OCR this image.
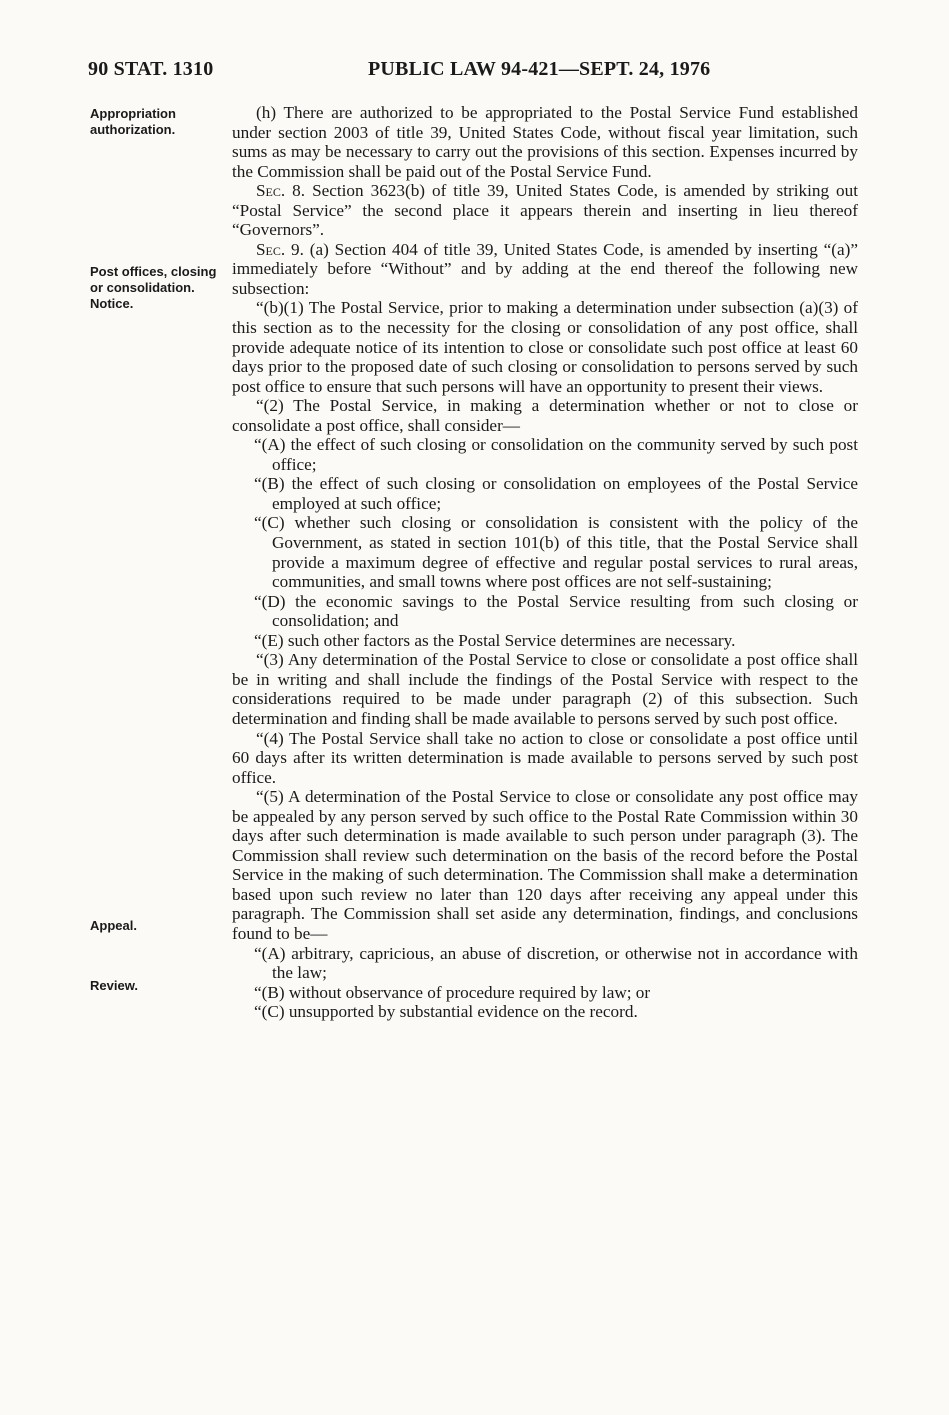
90 STAT. 1310	PUBLIC LAW 94-421—SEPT. 24, 1976
Appropriation authorization.
Post offices, closing or consolidation. Notice.
Appeal.
Review.

(h) There are authorized to be appropriated to the Postal Service Fund established under section 2003 of title 39, United States Code, without fiscal year limitation, such sums as may be necessary to carry out the provisions of this section. Expenses incurred by the Commission shall be paid out of the Postal Service Fund.

Sec. 8. Section 3623(b) of title 39, United States Code, is amended by striking out “Postal Service” the second place it appears therein and inserting in lieu thereof “Governors”.

Sec. 9. (a) Section 404 of title 39, United States Code, is amended by inserting “(a)” immediately before “Without” and by adding at the end thereof the following new subsection:

“(b)(1) The Postal Service, prior to making a determination under subsection (a)(3) of this section as to the necessity for the closing or consolidation of any post office, shall provide adequate notice of its intention to close or consolidate such post office at least 60 days prior to the proposed date of such closing or consolidation to persons served by such post office to ensure that such persons will have an opportunity to present their views.

“(2) The Postal Service, in making a determination whether or not to close or consolidate a post office, shall consider—

“(A) the effect of such closing or consolidation on the community served by such post office;

“(B) the effect of such closing or consolidation on employees of the Postal Service employed at such office;

“(C) whether such closing or consolidation is consistent with the policy of the Government, as stated in section 101(b) of this title, that the Postal Service shall provide a maximum degree of effective and regular postal services to rural areas, communities, and small towns where post offices are not self-sustaining;

“(D) the economic savings to the Postal Service resulting from such closing or consolidation; and

“(E) such other factors as the Postal Service determines are necessary.

“(3) Any determination of the Postal Service to close or consolidate a post office shall be in writing and shall include the findings of the Postal Service with respect to the considerations required to be made under paragraph (2) of this subsection. Such determination and finding shall be made available to persons served by such post office.

“(4) The Postal Service shall take no action to close or consolidate a post office until 60 days after its written determination is made available to persons served by such post office.

“(5) A determination of the Postal Service to close or consolidate any post office may be appealed by any person served by such office to the Postal Rate Commission within 30 days after such determination is made available to such person under paragraph (3). The Commission shall review such determination on the basis of the record before the Postal Service in the making of such determination. The Commission shall make a determination based upon such review no later than 120 days after receiving any appeal under this paragraph. The Commission shall set aside any determination, findings, and conclusions found to be—

“(A) arbitrary, capricious, an abuse of discretion, or otherwise not in accordance with the law;

“(B) without observance of procedure required by law; or

“(C) unsupported by substantial evidence on the record.
